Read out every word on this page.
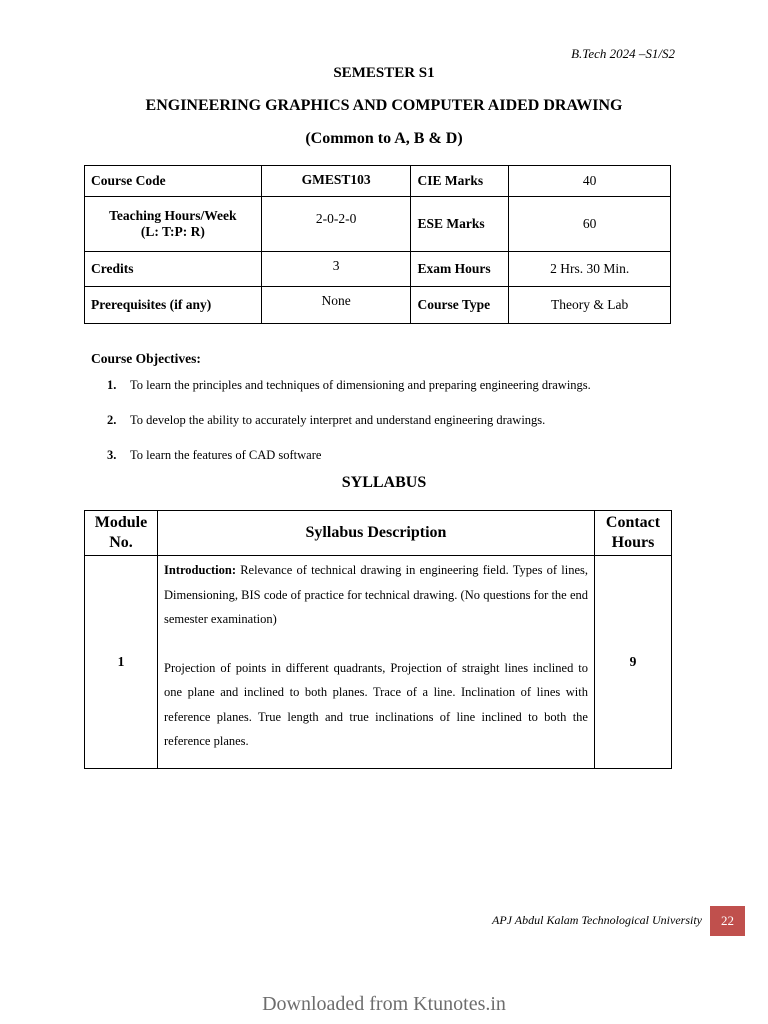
B.Tech 2024 –S1/S2
SEMESTER S1
ENGINEERING GRAPHICS AND COMPUTER AIDED DRAWING
(Common to A, B & D)
Course Code	GMEST103	CIE Marks	40

Teaching Hours/Week
(L: T:P: R)	2-0-2-0	ESE Marks	60
Credits	3	Exam Hours	2 Hrs. 30 Min.
Prerequisites (if any)	None	Course Type	Theory & Lab
Course Objectives:
1.	To learn the principles and techniques of dimensioning and preparing engineering drawings.
2.	To develop the ability to accurately interpret and understand engineering drawings.
3.	To learn the features of CAD software
SYLLABUS
Module No.	Syllabus Description	Contact Hours
1	Introduction: Relevance of technical drawing in engineering field. Types of lines, Dimensioning, BIS code of practice for technical drawing. (No questions for the end semester examination)
Projection of points in different quadrants, Projection of straight lines inclined to one plane and inclined to both planes. Trace of a line. Inclination of lines with reference planes. True length and true inclinations of line inclined to both the reference planes.	9
APJ Abdul Kalam Technological University 22
Downloaded from Ktunotes.in
